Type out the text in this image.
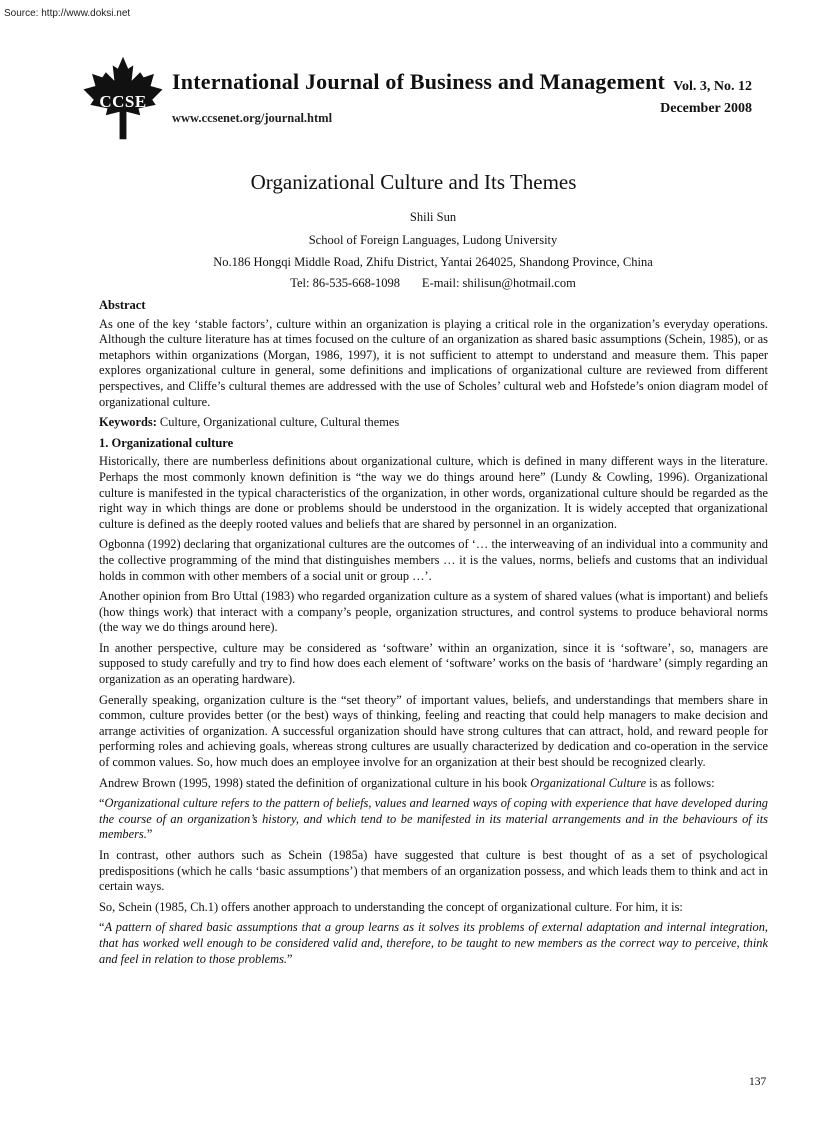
Source: http://www.doksi.net
CCSE
International Journal of Business and Management
www.ccsenet.org/journal.html
Vol. 3, No. 12
December 2008
Organizational Culture and Its Themes
Shili Sun
School of Foreign Languages, Ludong University
No.186 Hongqi Middle Road, Zhifu District, Yantai 264025, Shandong Province, China
Tel: 86-535-668-1098       E-mail: shilisun@hotmail.com
Abstract

As one of the key ‘stable factors’, culture within an organization is playing a critical role in the organization’s everyday operations. Although the culture literature has at times focused on the culture of an organization as shared basic assumptions (Schein, 1985), or as metaphors within organizations (Morgan, 1986, 1997), it is not sufficient to attempt to understand and measure them. This paper explores organizational culture in general, some definitions and implications of organizational culture are reviewed from different perspectives, and Cliffe’s cultural themes are addressed with the use of Scholes’ cultural web and Hofstede’s onion diagram model of organizational culture.

Keywords: Culture, Organizational culture, Cultural themes

1. Organizational culture

Historically, there are numberless definitions about organizational culture, which is defined in many different ways in the literature. Perhaps the most commonly known definition is “the way we do things around here” (Lundy & Cowling, 1996). Organizational culture is manifested in the typical characteristics of the organization, in other words, organizational culture should be regarded as the right way in which things are done or problems should be understood in the organization. It is widely accepted that organizational culture is defined as the deeply rooted values and beliefs that are shared by personnel in an organization.

Ogbonna (1992) declaring that organizational cultures are the outcomes of ‘… the interweaving of an individual into a community and the collective programming of the mind that distinguishes members … it is the values, norms, beliefs and customs that an individual holds in common with other members of a social unit or group …’.

Another opinion from Bro Uttal (1983) who regarded organization culture as a system of shared values (what is important) and beliefs (how things work) that interact with a company’s people, organization structures, and control systems to produce behavioral norms (the way we do things around here).

In another perspective, culture may be considered as ‘software’ within an organization, since it is ‘software’, so, managers are supposed to study carefully and try to find how does each element of ‘software’ works on the basis of ‘hardware’ (simply regarding an organization as an operating hardware).

Generally speaking, organization culture is the “set theory” of important values, beliefs, and understandings that members share in common, culture provides better (or the best) ways of thinking, feeling and reacting that could help managers to make decision and arrange activities of organization. A successful organization should have strong cultures that can attract, hold, and reward people for performing roles and achieving goals, whereas strong cultures are usually characterized by dedication and co-operation in the service of common values. So, how much does an employee involve for an organization at their best should be recognized clearly.

Andrew Brown (1995, 1998) stated the definition of organizational culture in his book Organizational Culture is as follows:

“Organizational culture refers to the pattern of beliefs, values and learned ways of coping with experience that have developed during the course of an organization’s history, and which tend to be manifested in its material arrangements and in the behaviours of its members.”

In contrast, other authors such as Schein (1985a) have suggested that culture is best thought of as a set of psychological predispositions (which he calls ‘basic assumptions’) that members of an organization possess, and which leads them to think and act in certain ways.

So, Schein (1985, Ch.1) offers another approach to understanding the concept of organizational culture. For him, it is:

“A pattern of shared basic assumptions that a group learns as it solves its problems of external adaptation and internal integration, that has worked well enough to be considered valid and, therefore, to be taught to new members as the correct way to perceive, think and feel in relation to those problems.”

137
